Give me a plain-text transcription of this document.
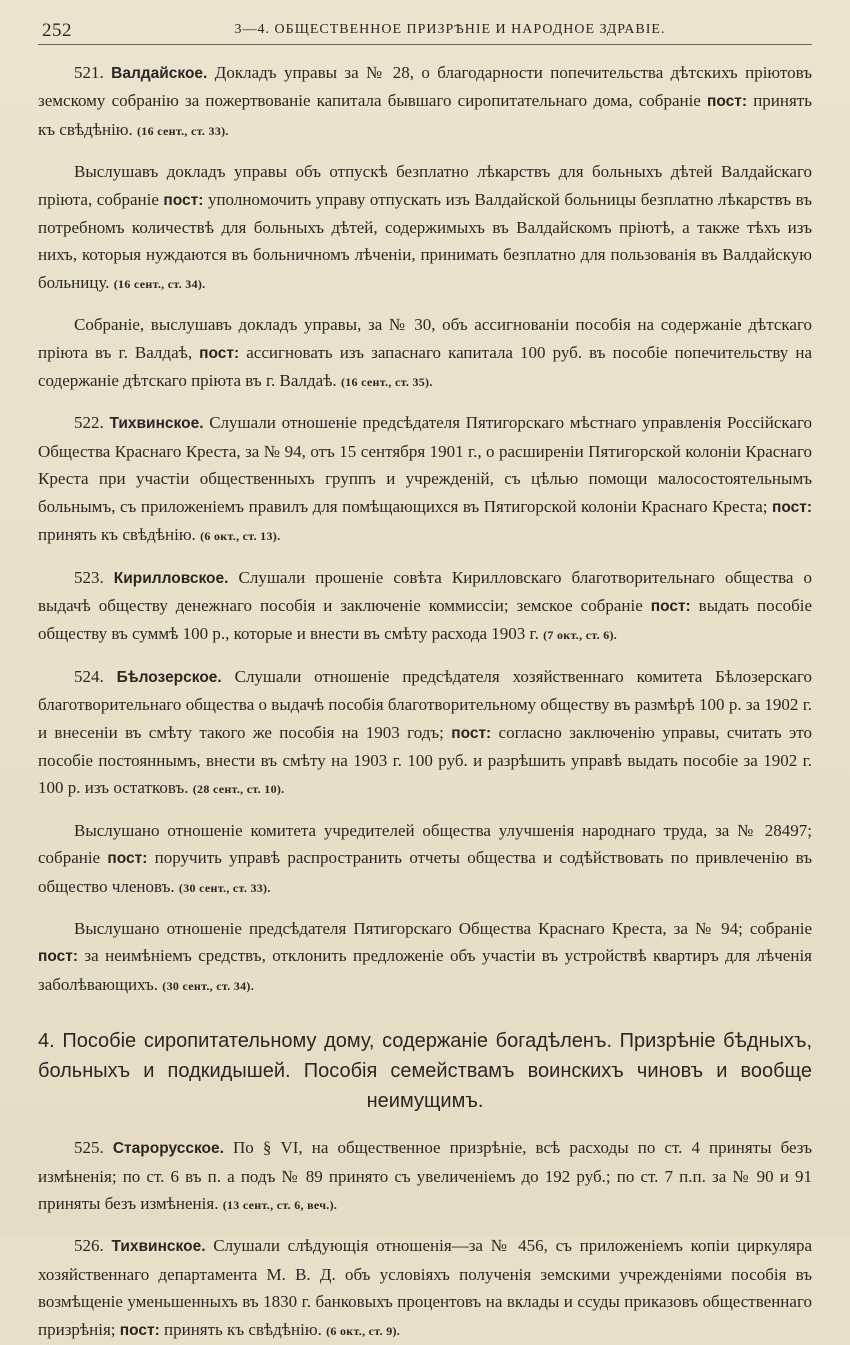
252	3—4. ОБЩЕСТВЕННОЕ ПРИЗРѢНIЕ И НАРОДНОЕ ЗДРАВIЕ.

521. Валдайское. Докладъ управы за № 28, о благодарности попечительства дѣтскихъ прiютовъ земскому собранiю за пожертвованiе капитала бывшаго сиропитательнаго дома, собранiе пост: принять къ свѣдѣнiю. (16 сент., ст. 33).

Выслушавъ докладъ управы объ отпускѣ безплатно лѣкарствъ для больныхъ дѣтей Валдайскаго прiюта, собранiе пост: уполномочить управу отпускать изъ Валдайской больницы безплатно лѣкарствъ въ потребномъ количествѣ для больныхъ дѣтей, содержимыхъ въ Валдайскомъ прiютѣ, а также тѣхъ изъ нихъ, которыя нуждаются въ больничномъ лѣченiи, принимать безплатно для пользованiя въ Валдайскую больницу. (16 сент., ст. 34).

Собранiе, выслушавъ докладъ управы, за № 30, объ ассигнованiи пособiя на содержанiе дѣтскаго прiюта въ г. Валдаѣ, пост: ассигновать изъ запаснаго капитала 100 руб. въ пособiе попечительству на содержанiе дѣтскаго прiюта въ г. Валдаѣ. (16 сент., ст. 35).

522. Тихвинское. Слушали отношенiе предсѣдателя Пятигорскаго мѣстнаго управленiя Россiйскаго Общества Краснаго Креста, за № 94, отъ 15 сентября 1901 г., о расширенiи Пятигорской колонiи Краснаго Креста при участiи общественныхъ группъ и учрежденiй, съ цѣлью помощи малосостоятельнымъ больнымъ, съ приложенiемъ правилъ для помѣщающихся въ Пятигорской колонiи Краснаго Креста; пост: принять къ свѣдѣнiю. (6 окт., ст. 13).

523. Кирилловское. Слушали прошенiе совѣта Кирилловскаго благотворительнаго общества о выдачѣ обществу денежнаго пособiя и заключенiе коммиссiи; земское собранiе пост: выдать пособiе обществу въ суммѣ 100 р., которые и внести въ смѣту расхода 1903 г. (7 окт., ст. 6).

524. Бѣлозерское. Слушали отношенiе предсѣдателя хозяйственнаго комитета Бѣлозерскаго благотворительнаго общества о выдачѣ пособiя благотворительному обществу въ размѣрѣ 100 р. за 1902 г. и внесенiи въ смѣту такого же пособiя на 1903 годъ; пост: согласно заключенiю управы, считать это пособiе постояннымъ, внести въ смѣту на 1903 г. 100 руб. и разрѣшить управѣ выдать пособiе за 1902 г. 100 р. изъ остатковъ. (28 сент., ст. 10).

Выслушано отношенiе комитета учредителей общества улучшенiя народнаго труда, за № 28497; собранiе пост: поручить управѣ распространить отчеты общества и содѣйствовать по привлеченiю въ общество членовъ. (30 сент., ст. 33).

Выслушано отношенiе предсѣдателя Пятигорскаго Общества Краснаго Креста, за № 94; собранiе пост: за неимѣнiемъ средствъ, отклонить предложенiе объ участiи въ устройствѣ квартиръ для лѣченiя заболѣвающихъ. (30 сент., ст. 34).

4. Пособiе сиропитательному дому, содержанiе богадѣленъ. Призрѣнiе бѣдныхъ, больныхъ и подкидышей. Пособiя семействамъ воинскихъ чиновъ и вообще неимущимъ.

525. Старорусское. По § VI, на общественное призрѣнiе, всѣ расходы по ст. 4 приняты безъ измѣненiя; по ст. 6 въ п. а подъ № 89 принято съ увеличенiемъ до 192 руб.; по ст. 7 п.п. за № 90 и 91 приняты безъ измѣненiя. (13 сент., ст. 6, веч.).

526. Тихвинское. Слушали слѣдующiя отношенiя—за № 456, съ приложенiемъ копiи циркуляра хозяйственнаго департамента М. В. Д. объ условiяхъ полученiя земскими учрежденiями пособiя въ возмѣщенiе уменьшенныхъ въ 1830 г. банковыхъ процентовъ на вклады и ссуды приказовъ общественнаго призрѣнiя; пост: принять къ свѣдѣнiю. (6 окт., ст. 9).
